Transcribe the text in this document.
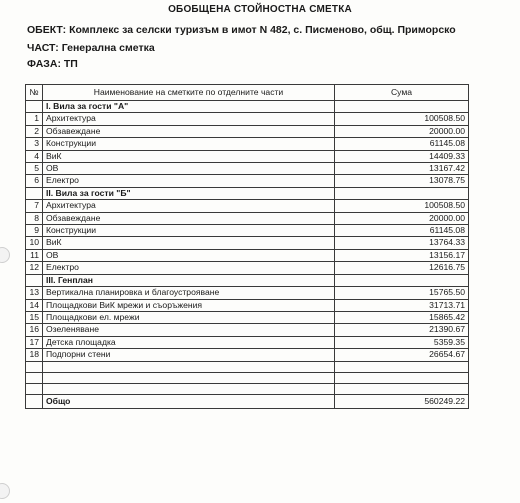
ОБОБЩЕНА СТОЙНОСТНА СМЕТКА
ОБЕКТ: Комплекс за селски туризъм в имот N 482, с. Писменово, общ. Приморско
ЧАСТ: Генерална сметка
ФАЗА: ТП
№	Наименование на сметките по отделните части	Сума
	I. Вила за гости "А"	
1	Архитектура	100508.50
2	Обзавеждане	20000.00
3	Конструкции	61145.08
4	ВиК	14409.33
5	ОВ	13167.42
6	Електро	13078.75
	II. Вила за гости "Б"	
7	Архитектура	100508.50
8	Обзавеждане	20000.00
9	Конструкции	61145.08
10	ВиК	13764.33
11	ОВ	13156.17
12	Електро	12616.75
	III. Генплан	
13	Вертикална планировка и благоустрояване	15765.50
14	Площадкови ВиК мрежи и съоръжения	31713.71
15	Площадкови ел. мрежи	15865.42
16	Озеленяване	21390.67
17	Детска площадка	5359.35
18	Подпорни стени	26654.67

	Общо	560249.22
